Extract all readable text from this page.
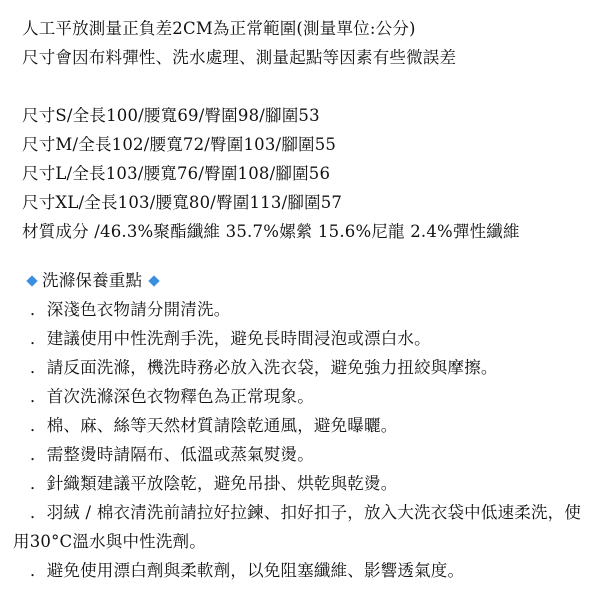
人工平放測量正負差2CM為正常範圍(測量單位:公分)
尺寸會因布料彈性、洗水處理、測量起點等因素有些微誤差
尺寸S/全長100/腰寬69/臀圍98/腳圍53
尺寸M/全長102/腰寬72/臀圍103/腳圍55
尺寸L/全長103/腰寬76/臀圍108/腳圍56
尺寸XL/全長103/腰寬80/臀圍113/腳圍57
材質成分 /46.3%聚酯纖維 35.7%嫘縈 15.6%尼龍 2.4%彈性纖維
洗滌保養重點
．深淺色衣物請分開清洗。
．建議使用中性洗劑手洗，避免長時間浸泡或漂白水。
．請反面洗滌，機洗時務必放入洗衣袋，避免強力扭絞與摩擦。
．首次洗滌深色衣物釋色為正常現象。
．棉、麻、絲等天然材質請陰乾通風，避免曝曬。
．需整燙時請隔布、低溫或蒸氣熨燙。
．針織類建議平放陰乾，避免吊掛、烘乾與乾燙。
．羽絨 / 棉衣清洗前請拉好拉鍊、扣好扣子，放入大洗衣袋中低速柔洗，使用30°C溫水與中性洗劑。
．避免使用漂白劑與柔軟劑，以免阻塞纖維、影響透氣度。
